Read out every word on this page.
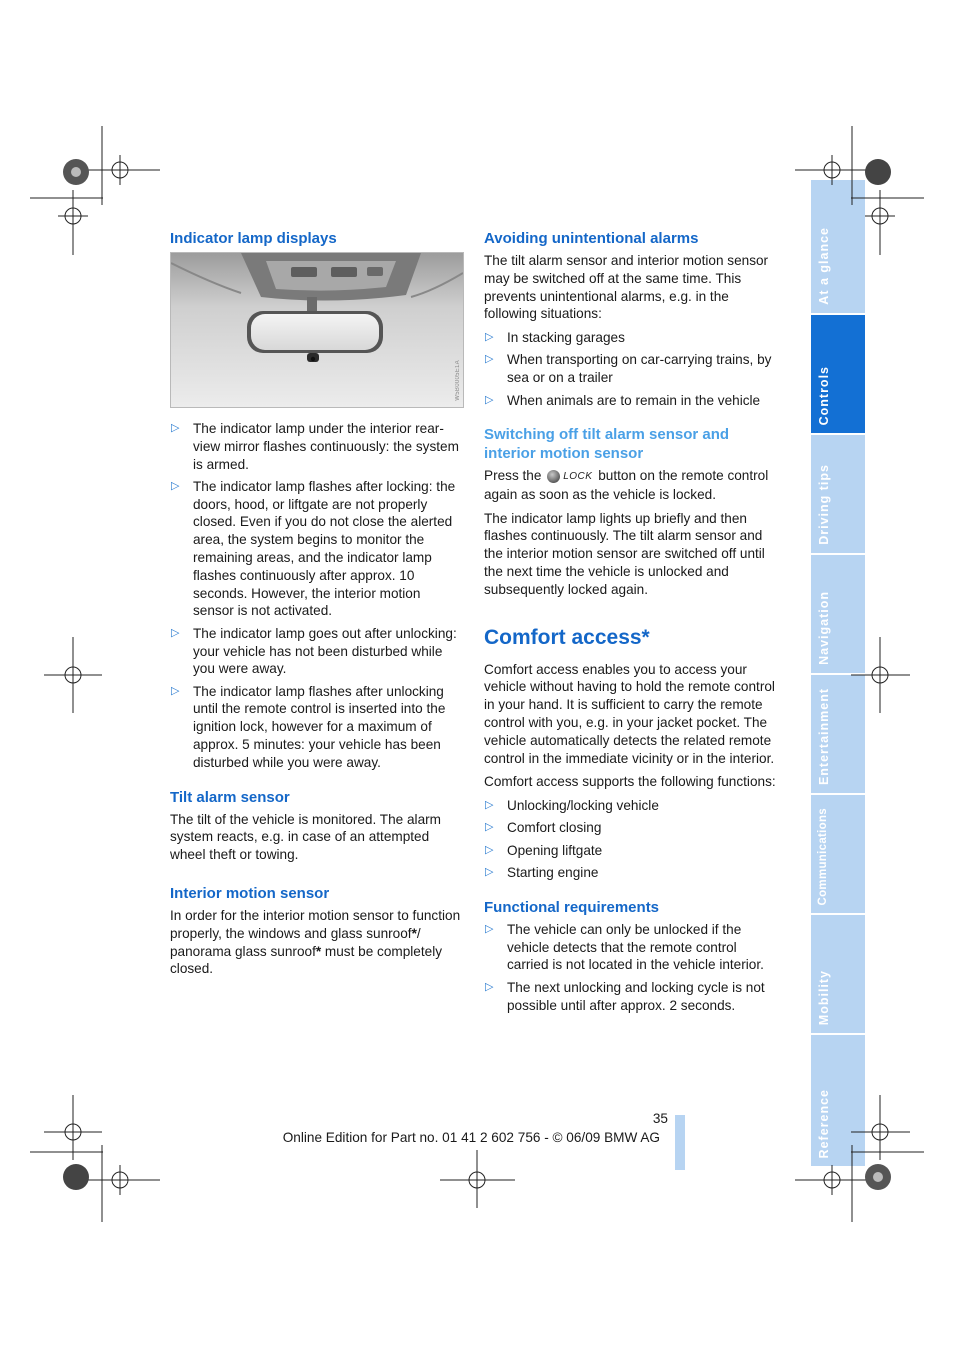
Indicator lamp displays
W5B0005E1A
▷ The indicator lamp under the interior rear-view mirror flashes continuously: the system is armed.
▷ The indicator lamp flashes after locking: the doors, hood, or liftgate are not properly closed. Even if you do not close the alerted area, the system begins to monitor the remaining areas, and the indicator lamp flashes continuously after approx. 10 seconds. However, the interior motion sensor is not activated.
▷ The indicator lamp goes out after unlocking: your vehicle has not been disturbed while you were away.
▷ The indicator lamp flashes after unlocking until the remote control is inserted into the ignition lock, however for a maximum of approx. 5 minutes: your vehicle has been disturbed while you were away.
Tilt alarm sensor

The tilt of the vehicle is monitored. The alarm system reacts, e.g. in case of an attempted wheel theft or towing.

Interior motion sensor

In order for the interior motion sensor to function properly, the windows and glass sunroof*/ panorama glass sunroof* must be completely closed.

Avoiding unintentional alarms

The tilt alarm sensor and interior motion sensor may be switched off at the same time. This prevents unintentional alarms, e.g. in the following situations:

▷ In stacking garages
▷ When transporting on car-carrying trains, by sea or on a trailer
▷ When animals are to remain in the vehicle
Switching off tilt alarm sensor and interior motion sensor

Press the LOCK button on the remote control again as soon as the vehicle is locked.

The indicator lamp lights up briefly and then flashes continuously. The tilt alarm sensor and the interior motion sensor are switched off until the next time the vehicle is unlocked and subsequently locked again.

Comfort access*

Comfort access enables you to access your vehicle without having to hold the remote control in your hand. It is sufficient to carry the remote control with you, e.g. in your jacket pocket. The vehicle automatically detects the related remote control in the immediate vicinity or in the interior.

Comfort access supports the following functions:

▷ Unlocking/locking vehicle
▷ Comfort closing
▷ Opening liftgate
▷ Starting engine
Functional requirements
▷ The vehicle can only be unlocked if the vehicle detects that the remote control carried is not located in the vehicle interior.
▷ The next unlocking and locking cycle is not possible until after approx. 2 seconds.
At a glance
Controls
Driving tips
Navigation
Entertainment
Communications
Mobility
Reference
35
Online Edition for Part no. 01 41 2 602 756 - © 06/09 BMW AG
